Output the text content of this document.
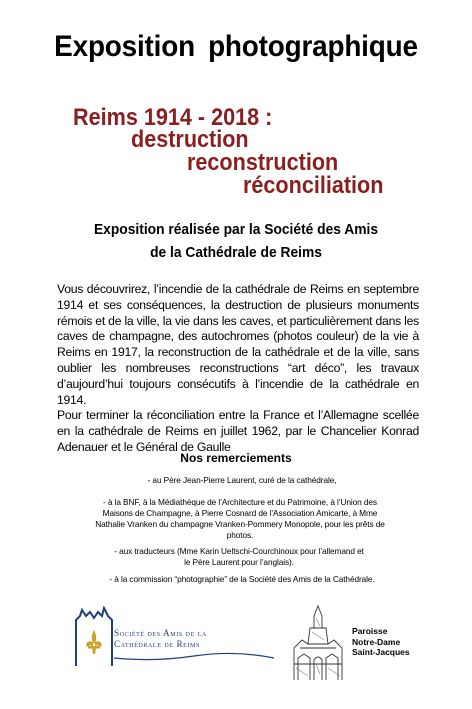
Exposition photographique
Reims 1914 - 2018 :
destruction
reconstruction
réconciliation
Exposition réalisée par la Société des Amis
de la Cathédrale de Reims

Vous découvrirez, l’incendie de la cathédrale de Reims en septembre 1914 et ses conséquences, la destruction de plusieurs monuments rémois et de la ville, la vie dans les caves, et particulièrement dans les caves de champagne, des autochromes (photos couleur) de la vie à Reims en 1917, la reconstruction de la cathédrale et de la ville, sans oublier les nombreuses reconstructions “art déco”, les travaux d’aujourd’hui toujours consécutifs à l’incendie de la cathédrale en 1914.

Pour terminer la réconciliation entre la France et l’Allemagne scellée en la cathédrale de Reims en juillet 1962, par le Chancelier Konrad Adenauer et le Général de Gaulle

Nos remerciements

- au Père Jean-Pierre Laurent, curé de la cathédrale,

- à la BNF, à la Médiathèque de l’Architecture et du Patrimoine, à l’Union des Maisons de Champagne, à Pierre Cosnard de l’Association Amicarte, à Mme Nathalie Vranken du champagne Vranken-Pommery Monopole, pour les prêts de photos.

- aux traducteurs (Mme Karin Ueltschi-Courchinoux pour l’allemand et le Père Laurent pour l’anglais).

- à la commission “photographie” de la Société des Amis de la Cathédrale.

Société des Amis de la
Cathédrale de Reims
Paroisse
Notre-Dame
Saint-Jacques
